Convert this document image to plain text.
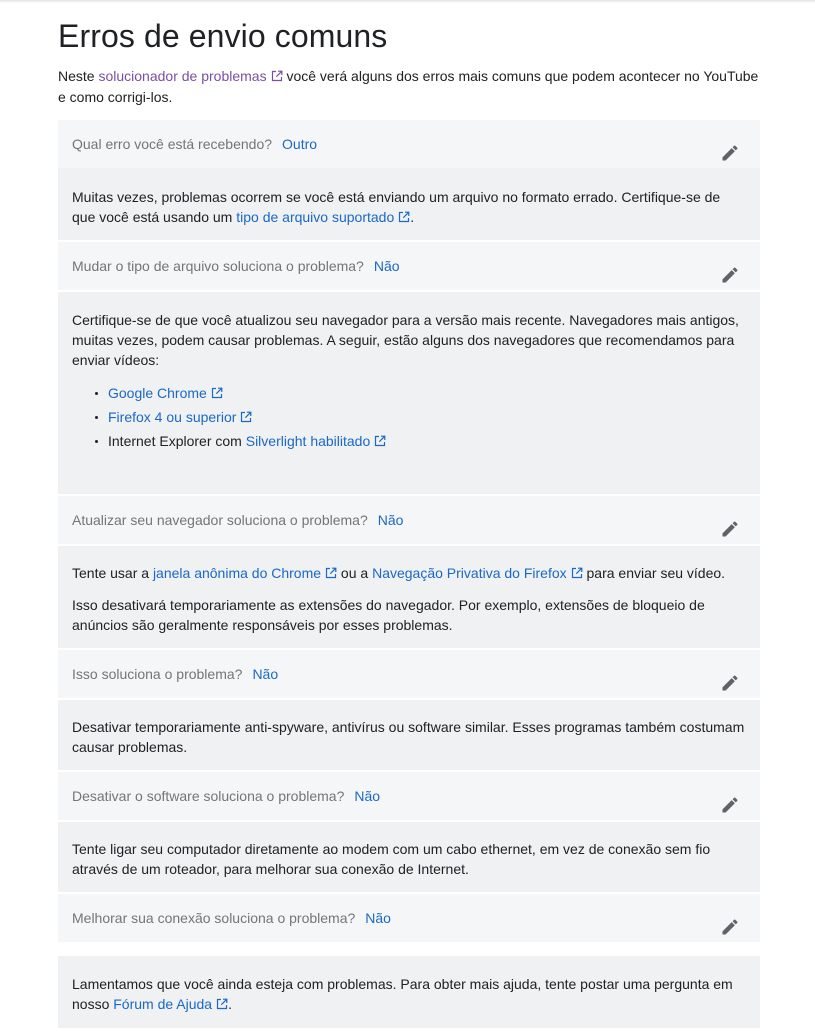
Erros de envio comuns
Neste solucionador de problemas
você verá alguns dos erros mais comuns que podem acontecer no YouTube e como corrigi-los.
Qual erro você está recebendo? Outro

Muitas vezes, problemas ocorrem se você está enviando um arquivo no formato errado. Certifique-se de que você está usando um tipo de arquivo suportado .

Mudar o tipo de arquivo soluciona o problema? Não

Certifique-se de que você atualizou seu navegador para a versão mais recente. Navegadores mais antigos, muitas vezes, podem causar problemas. A seguir, estão alguns dos navegadores que recomendamos para enviar vídeos:

Google Chrome
Firefox 4 ou superior
Internet Explorer com Silverlight habilitado
Atualizar seu navegador soluciona o problema? Não

Tente usar a janela anônima do Chrome
ou a Navegação Privativa do Firefox
para enviar seu vídeo.

Isso desativará temporariamente as extensões do navegador. Por exemplo, extensões de bloqueio de anúncios são geralmente responsáveis por esses problemas.

Isso soluciona o problema? Não

Desativar temporariamente anti-spyware, antivírus ou software similar. Esses programas também costumam causar problemas.

Desativar o software soluciona o problema? Não

Tente ligar seu computador diretamente ao modem com um cabo ethernet, em vez de conexão sem fio através de um roteador, para melhorar sua conexão de Internet.

Melhorar sua conexão soluciona o problema? Não

Lamentamos que você ainda esteja com problemas. Para obter mais ajuda, tente postar uma pergunta em nosso Fórum de Ajuda .
